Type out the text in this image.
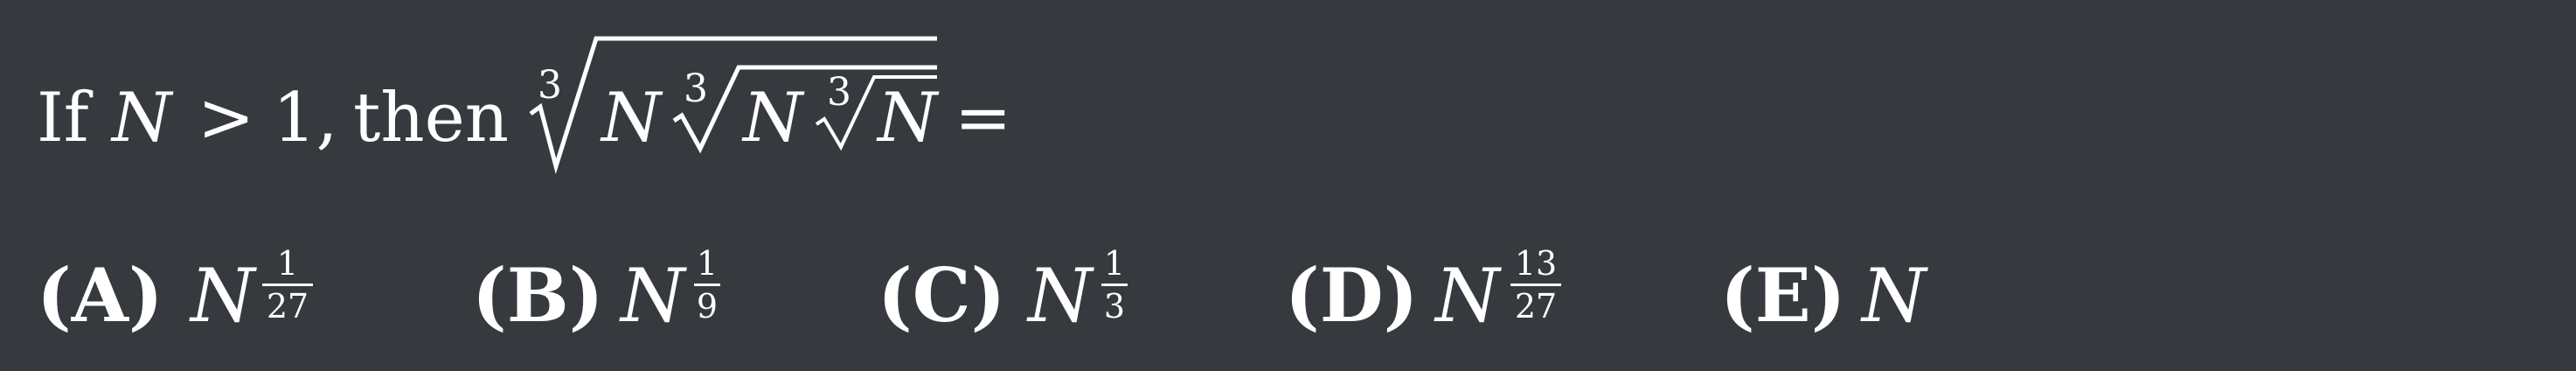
If N > 1, then 3	3	3
N N N =
(A) N 1
27 (B) N 1
9 (C) N 1
3 (D) N 13
27 (E) N
